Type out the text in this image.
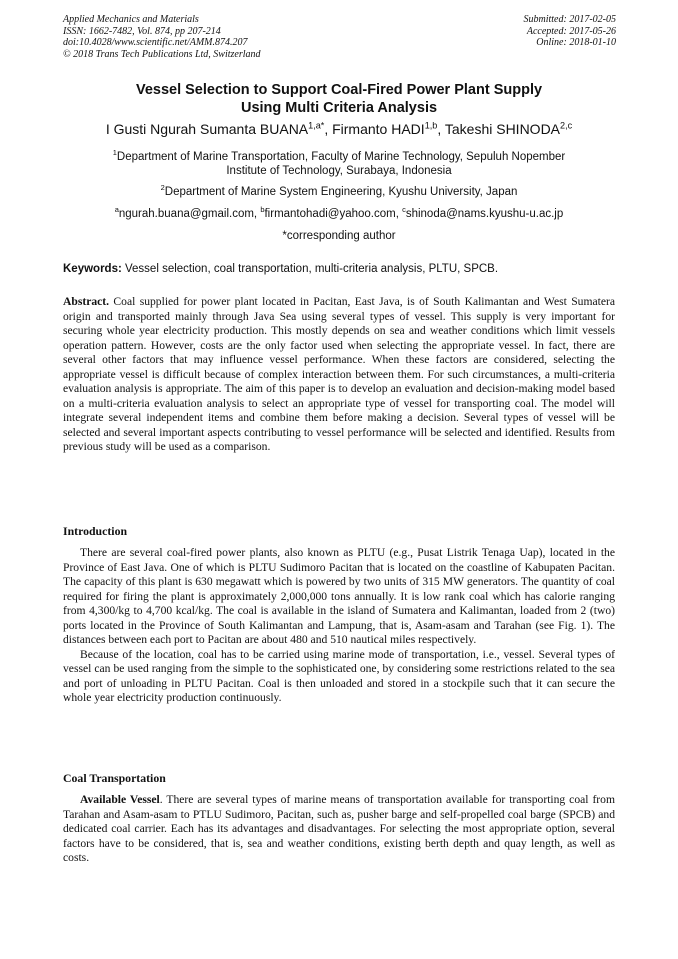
Applied Mechanics and Materials
ISSN: 1662-7482, Vol. 874, pp 207-214
doi:10.4028/www.scientific.net/AMM.874.207
© 2018 Trans Tech Publications Ltd, Switzerland
Submitted: 2017-02-05
Accepted: 2017-05-26
Online: 2018-01-10
Vessel Selection to Support Coal-Fired Power Plant Supply
Using Multi Criteria Analysis
I Gusti Ngurah Sumanta $BUANA^{1,a*}$, Firmanto HADI$^{1,b}$, Takeshi SHINODA$^{2,c}$
$^1$Department of Marine Transportation, Faculty of Marine Technology, Sepuluh Nopember
Institute of Technology, Surabaya, Indonesia
$^2$Department of Marine System Engineering, Kyushu University, Japan
$^a$ngurah.buana@gmail.com, $^b$firmantohadi@yahoo.com, $^c$shinoda@nams.kyushu-u.ac.jp
*corresponding author
Keywords: Vessel selection, coal transportation, multi-criteria analysis, PLTU, SPCB.

Abstract. Coal supplied for power plant located in Pacitan, East Java, is of South Kalimantan and West Sumatera origin and transported mainly through Java Sea using several types of vessel. This supply is very important for securing whole year electricity production. This mostly depends on sea and weather conditions which limit vessels operation pattern. However, costs are the only factor used when selecting the appropriate vessel. In fact, there are several other factors that may influence vessel performance. When these factors are considered, selecting the appropriate vessel is difficult because of complex interaction between them. For such circumstances, a multi-criteria evaluation analysis is appropriate. The aim of this paper is to develop an evaluation and decision-making model based on a multi-criteria evaluation analysis to select an appropriate type of vessel for transporting coal. The model will integrate several independent items and combine them before making a decision. Several types of vessel will be selected and several important aspects contributing to vessel performance will be selected and identified. Results from previous study will be used as a comparison.

Introduction

There are several coal-fired power plants, also known as PLTU (e.g., Pusat Listrik Tenaga Uap), located in the Province of East Java. One of which is PLTU Sudimoro Pacitan that is located on the coastline of Kabupaten Pacitan. The capacity of this plant is 630 megawatt which is powered by two units of 315 MW generators. The quantity of coal required for firing the plant is approximately 2,000,000 tons annually. It is low rank coal which has calorie ranging from 4,300/kg to 4,700 kcal/kg. The coal is available in the island of Sumatera and Kalimantan, loaded from 2 (two) ports located in the Province of South Kalimantan and Lampung, that is, Asam-asam and Tarahan (see Fig. 1). The distances between each port to Pacitan are about 480 and 510 nautical miles respectively.

Because of the location, coal has to be carried using marine mode of transportation, i.e., vessel. Several types of vessel can be used ranging from the simple to the sophisticated one, by considering some restrictions related to the sea and port of unloading in PLTU Pacitan. Coal is then unloaded and stored in a stockpile such that it can secure the whole year electricity production continuously.

Coal Transportation

Available Vessel. There are several types of marine means of transportation available for transporting coal from Tarahan and Asam-asam to PTLU Sudimoro, Pacitan, such as, pusher barge and self-propelled coal barge (SPCB) and dedicated coal carrier. Each has its advantages and disadvantages. For selecting the most appropriate option, several factors have to be considered, that is, sea and weather conditions, existing berth depth and quay length, as well as costs.
